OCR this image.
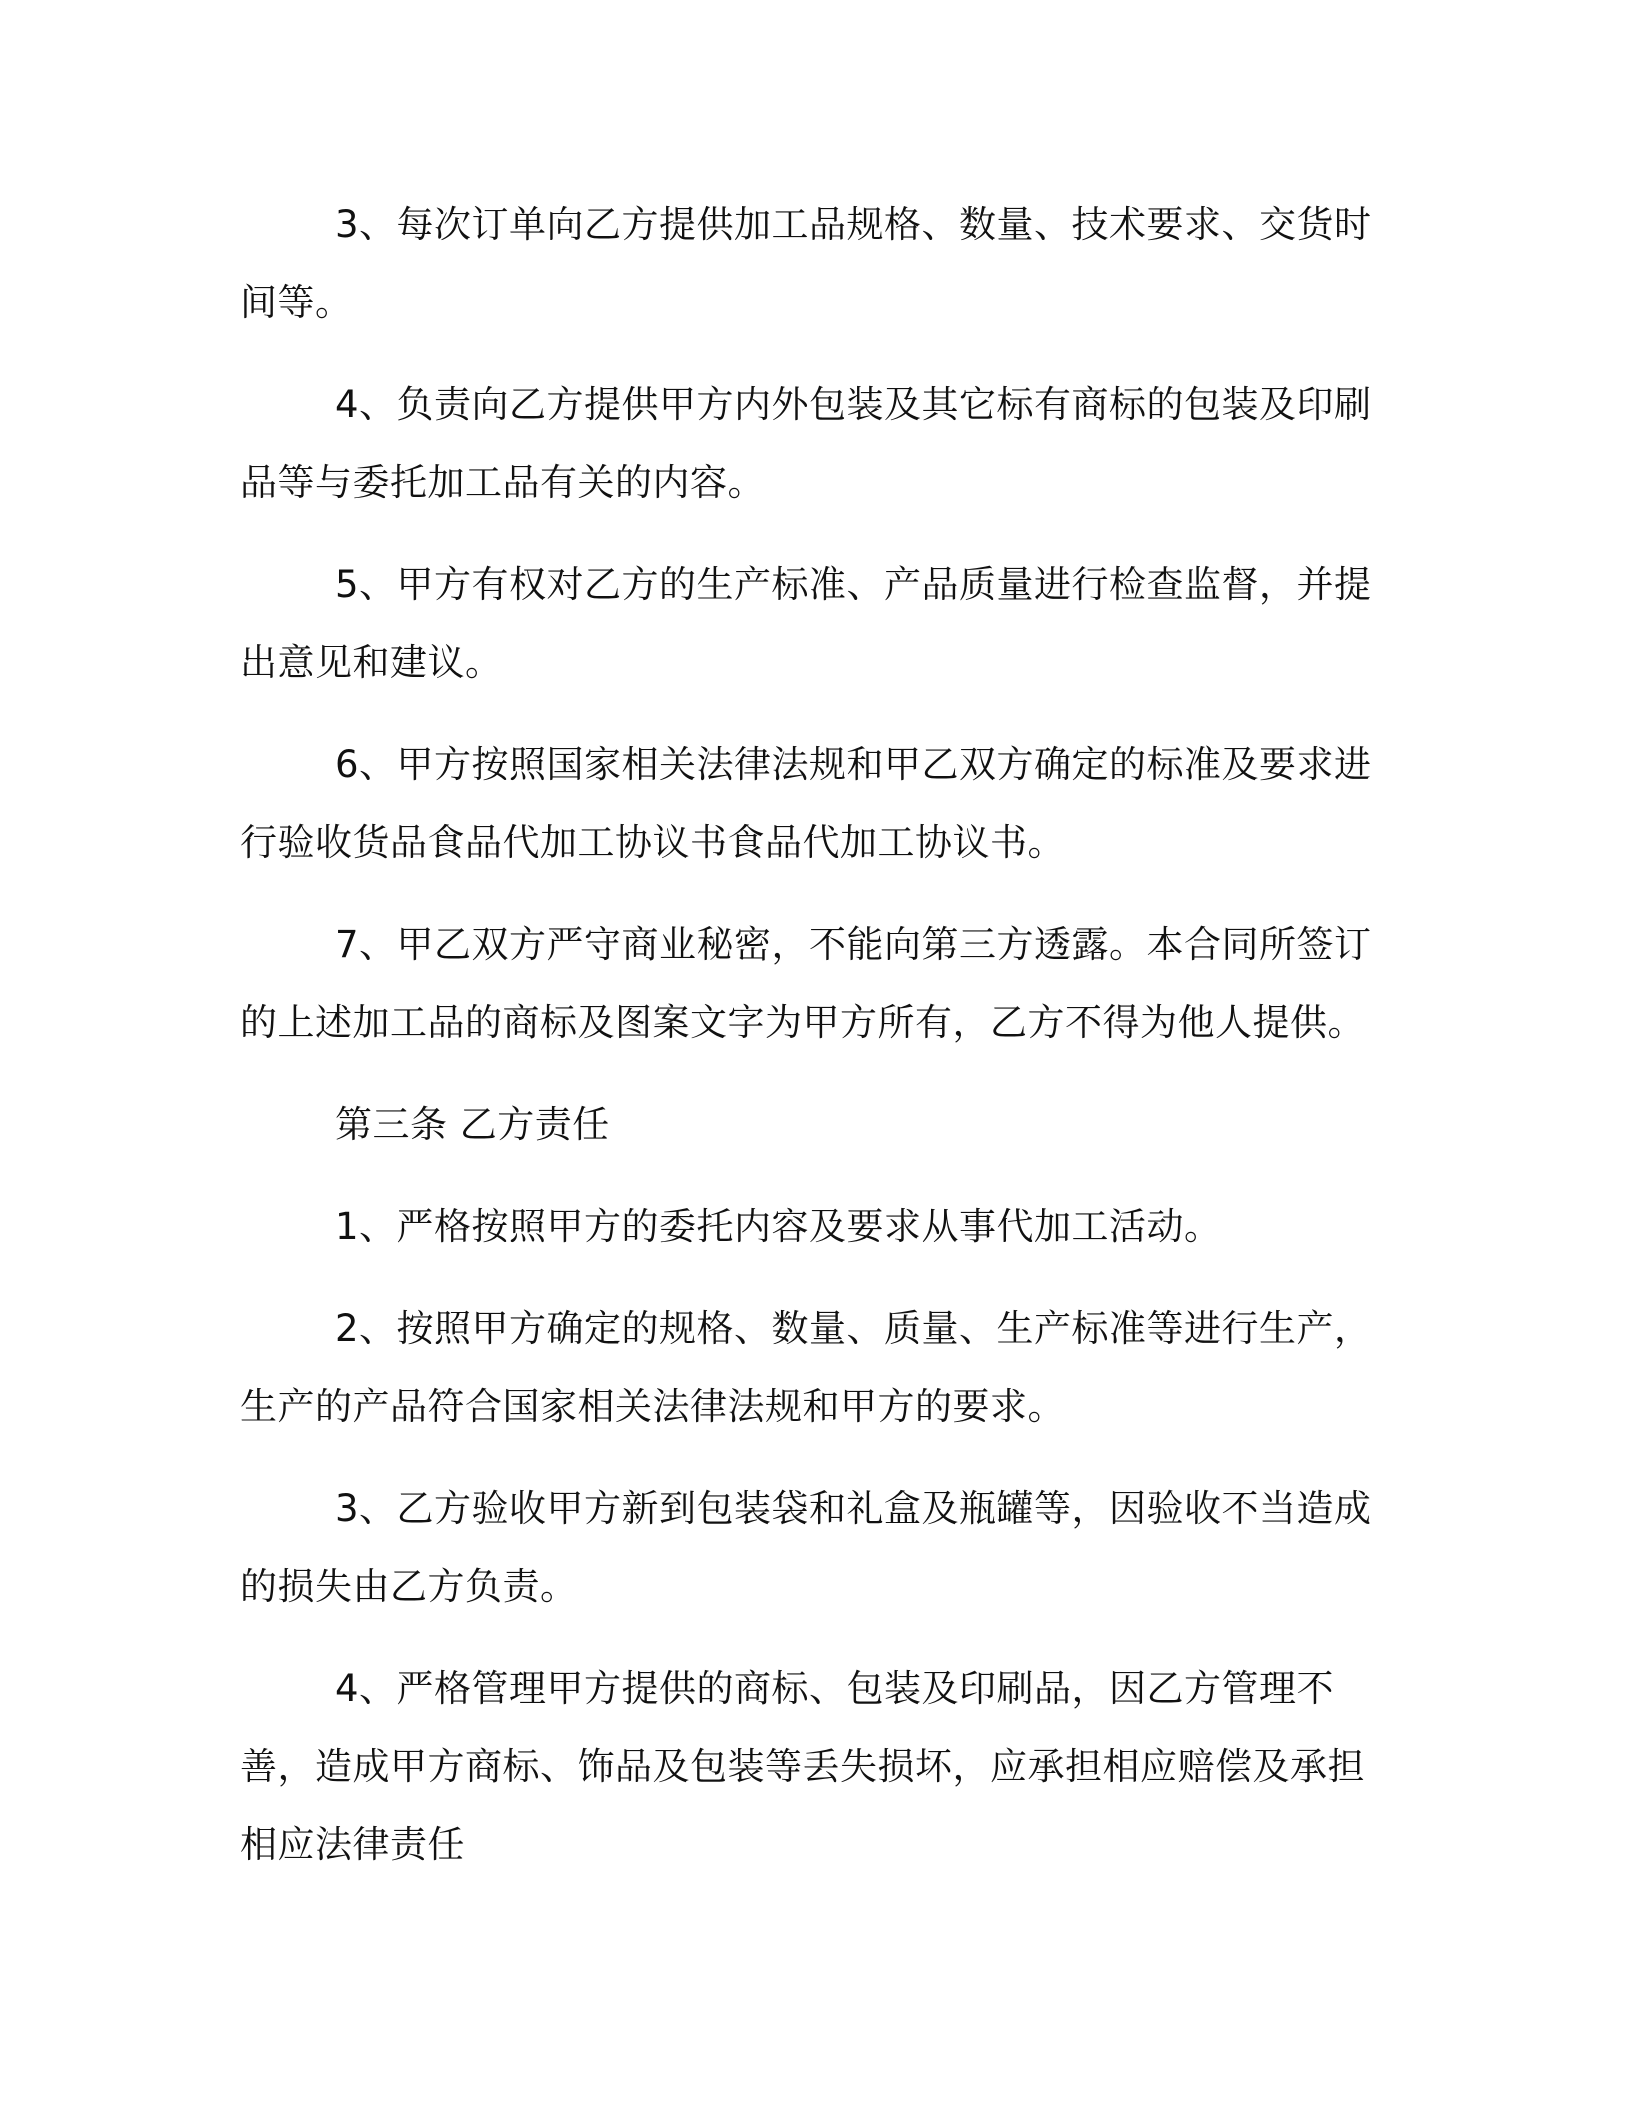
3、每次订单向乙方提供加工品规格、数量、技术要求、交货时间等。

4、负责向乙方提供甲方内外包装及其它标有商标的包装及印刷品等与委托加工品有关的内容。

5、甲方有权对乙方的生产标准、产品质量进行检查监督，并提出意见和建议。

6、甲方按照国家相关法律法规和甲乙双方确定的标准及要求进行验收货品食品代加工协议书食品代加工协议书。

7、甲乙双方严守商业秘密，不能向第三方透露。本合同所签订的上述加工品的商标及图案文字为甲方所有，乙方不得为他人提供。

第三条 乙方责任

1、严格按照甲方的委托内容及要求从事代加工活动。

2、按照甲方确定的规格、数量、质量、生产标准等进行生产，生产的产品符合国家相关法律法规和甲方的要求。

3、乙方验收甲方新到包装袋和礼盒及瓶罐等，因验收不当造成的损失由乙方负责。

4、严格管理甲方提供的商标、包装及印刷品，因乙方管理不善，造成甲方商标、饰品及包装等丢失损坏，应承担相应赔偿及承担相应法律责任
